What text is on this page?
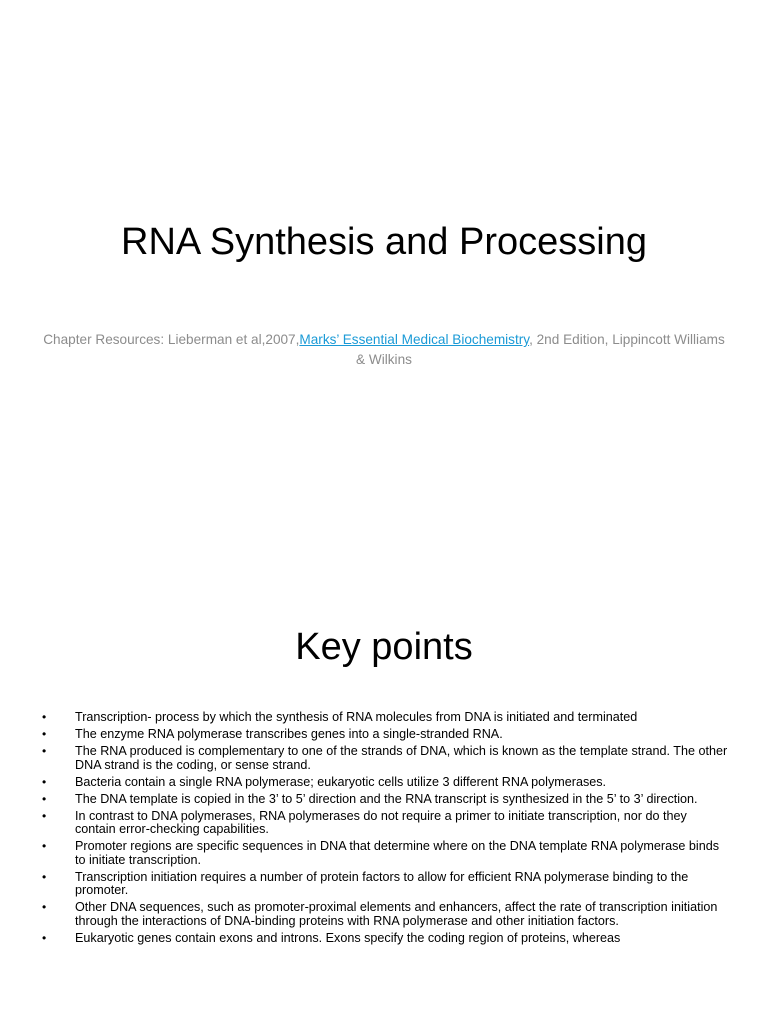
RNA Synthesis and Processing
Chapter Resources: Lieberman et al,2007,Marks’ Essential Medical Biochemistry, 2nd Edition, Lippincott Williams & Wilkins
Key points
• Transcription- process by which the synthesis of RNA molecules from DNA is initiated and terminated
• The enzyme RNA polymerase transcribes genes into a single-stranded RNA.
• The RNA produced is complementary to one of the strands of DNA, which is known as the template strand. The other DNA strand is the coding, or sense strand.
• Bacteria contain a single RNA polymerase; eukaryotic cells utilize 3 different RNA polymerases.
• The DNA template is copied in the 3’ to 5’ direction and the RNA transcript is synthesized in the 5’ to 3’ direction.
• In contrast to DNA polymerases, RNA polymerases do not require a primer to initiate transcription, nor do they contain error-checking capabilities.
• Promoter regions are specific sequences in DNA that determine where on the DNA template RNA polymerase binds to initiate transcription.
• Transcription initiation requires a number of protein factors to allow for efficient RNA polymerase binding to the promoter.
• Other DNA sequences, such as promoter-proximal elements and enhancers, affect the rate of transcription initiation through the interactions of DNA-binding proteins with RNA polymerase and other initiation factors.
• Eukaryotic genes contain exons and introns. Exons specify the coding region of proteins, whereas
